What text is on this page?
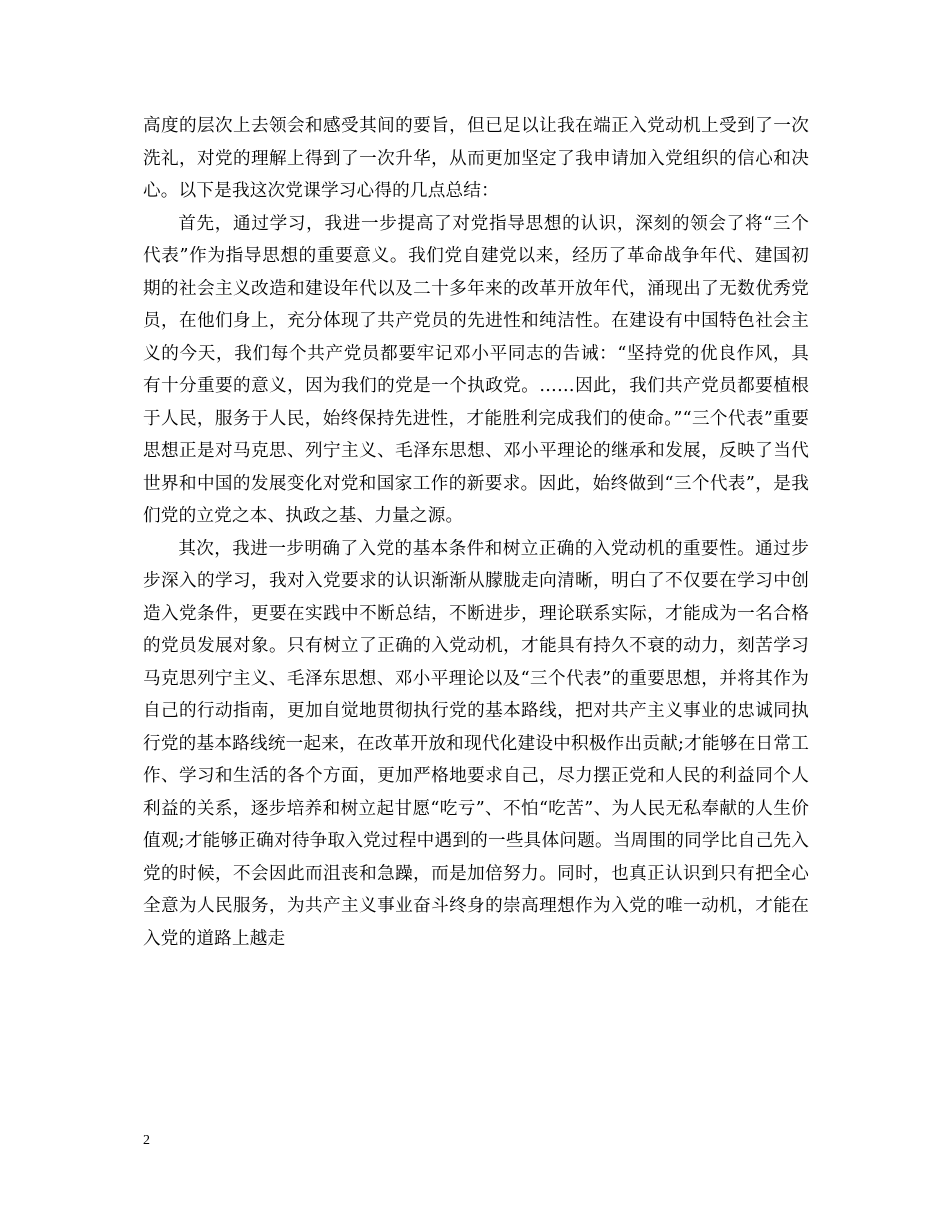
高度的层次上去领会和感受其间的要旨，但已足以让我在端正入党动机上受到了一次洗礼，对党的理解上得到了一次升华，从而更加坚定了我申请加入党组织的信心和决心。以下是我这次党课学习心得的几点总结：

首先，通过学习，我进一步提高了对党指导思想的认识，深刻的领会了将“三个代表”作为指导思想的重要意义。我们党自建党以来，经历了革命战争年代、建国初期的社会主义改造和建设年代以及二十多年来的改革开放年代，涌现出了无数优秀党员，在他们身上，充分体现了共产党员的先进性和纯洁性。在建设有中国特色社会主义的今天，我们每个共产党员都要牢记邓小平同志的告诫：“坚持党的优良作风，具有十分重要的意义，因为我们的党是一个执政党。……因此，我们共产党员都要植根于人民，服务于人民，始终保持先进性，才能胜利完成我们的使命。”“三个代表”重要思想正是对马克思、列宁主义、毛泽东思想、邓小平理论的继承和发展，反映了当代世界和中国的发展变化对党和国家工作的新要求。因此，始终做到“三个代表”，是我们党的立党之本、执政之基、力量之源。

其次，我进一步明确了入党的基本条件和树立正确的入党动机的重要性。通过步步深入的学习，我对入党要求的认识渐渐从朦胧走向清晰，明白了不仅要在学习中创造入党条件，更要在实践中不断总结，不断进步，理论联系实际，才能成为一名合格的党员发展对象。只有树立了正确的入党动机，才能具有持久不衰的动力，刻苦学习马克思列宁主义、毛泽东思想、邓小平理论以及“三个代表”的重要思想，并将其作为自己的行动指南，更加自觉地贯彻执行党的基本路线，把对共产主义事业的忠诚同执行党的基本路线统一起来，在改革开放和现代化建设中积极作出贡献;才能够在日常工作、学习和生活的各个方面，更加严格地要求自己，尽力摆正党和人民的利益同个人利益的关系，逐步培养和树立起甘愿“吃亏”、不怕“吃苦”、为人民无私奉献的人生价值观;才能够正确对待争取入党过程中遇到的一些具体问题。当周围的同学比自己先入党的时候，不会因此而沮丧和急躁，而是加倍努力。同时，也真正认识到只有把全心全意为人民服务，为共产主义事业奋斗终身的崇高理想作为入党的唯一动机，才能在入党的道路上越走

2
